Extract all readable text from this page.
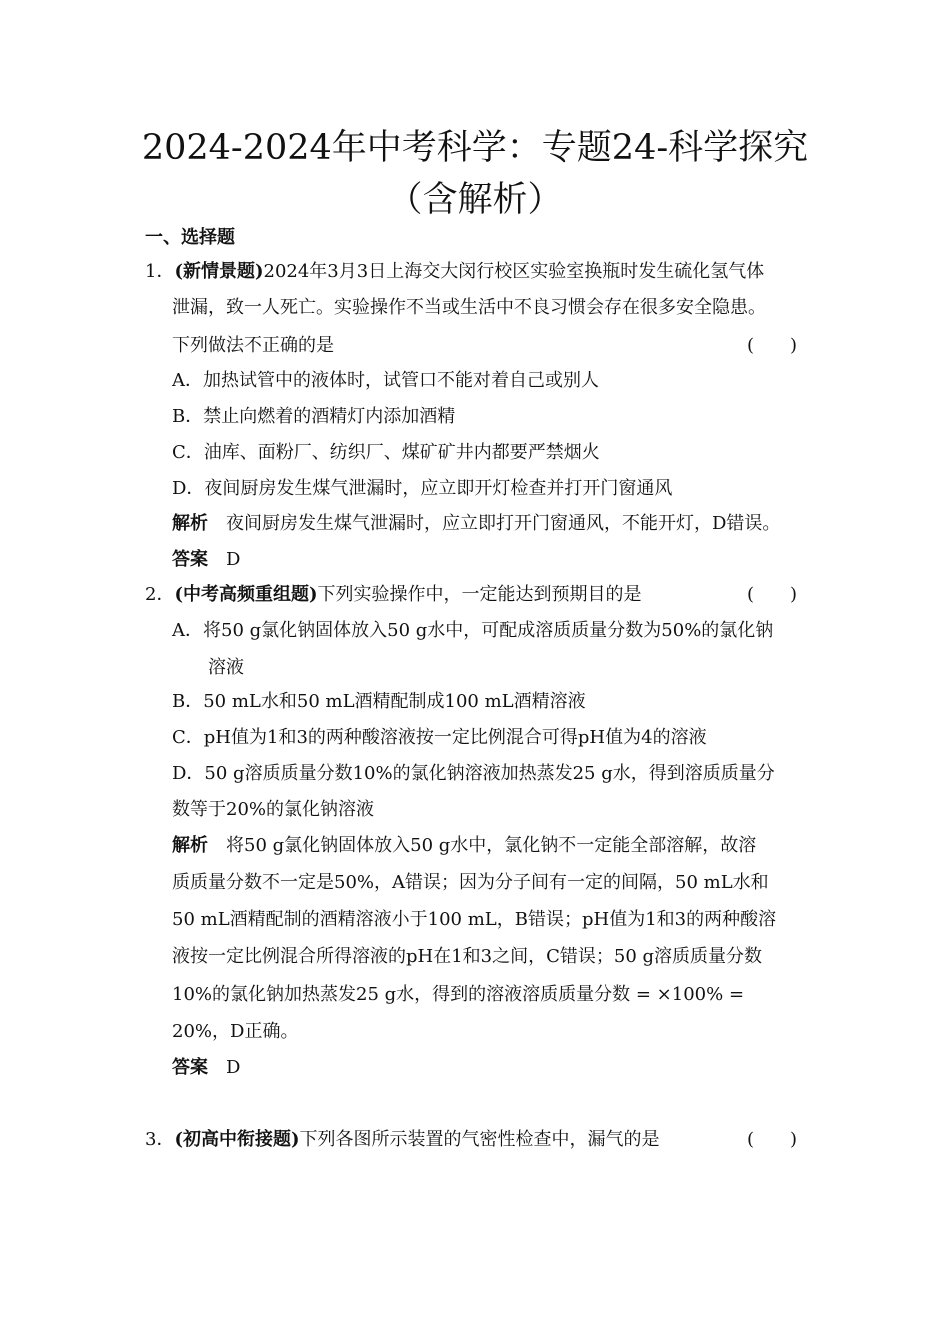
2024-2024年中考科学：专题24-科学探究
（含解析）
一、选择题
1．(新情景题)2024年3月3日上海交大闵行校区实验室换瓶时发生硫化氢气体
泄漏，致一人死亡。实验操作不当或生活中不良习惯会存在很多安全隐患。
下列做法不正确的是	(　　)
A．加热试管中的液体时，试管口不能对着自己或别人
B．禁止向燃着的酒精灯内添加酒精
C．油库、面粉厂、纺织厂、煤矿矿井内都要严禁烟火
D．夜间厨房发生煤气泄漏时，应立即开灯检查并打开门窗通风
解析 夜间厨房发生煤气泄漏时，应立即打开门窗通风，不能开灯，D错误。
答案 D
2．(中考高频重组题)下列实验操作中，一定能达到预期目的是	(　　)
A．将50 g氯化钠固体放入50 g水中，可配成溶质质量分数为50%的氯化钠
溶液
B．50 mL水和50 mL酒精配制成100 mL酒精溶液
C．pH值为1和3的两种酸溶液按一定比例混合可得pH值为4的溶液
D．50 g溶质质量分数10%的氯化钠溶液加热蒸发25 g水，得到溶质质量分
数等于20%的氯化钠溶液
解析 将50 g氯化钠固体放入50 g水中，氯化钠不一定能全部溶解，故溶
质质量分数不一定是50%，A错误；因为分子间有一定的间隔，50 mL水和
50 mL酒精配制的酒精溶液小于100 mL，B错误；pH值为1和3的两种酸溶
液按一定比例混合所得溶液的pH在1和3之间，C错误；50 g溶质质量分数
10%的氯化钠加热蒸发25 g水，得到的溶液溶质质量分数 = ×100% =
20%，D正确。
答案 D
3．(初高中衔接题)下列各图所示装置的气密性检查中，漏气的是	(　　)
